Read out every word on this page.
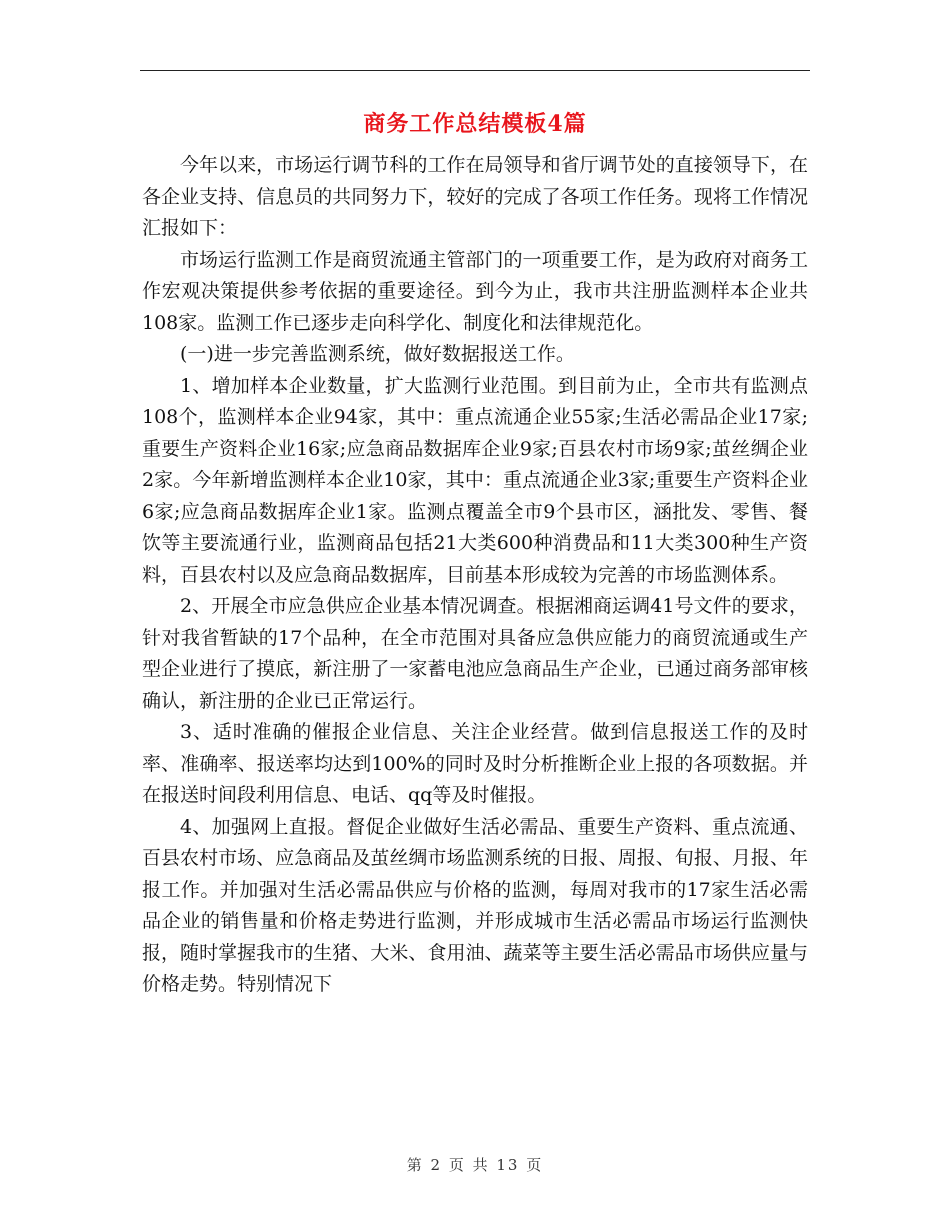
商务工作总结模板4篇

今年以来，市场运行调节科的工作在局领导和省厅调节处的直接领导下，在各企业支持、信息员的共同努力下，较好的完成了各项工作任务。现将工作情况汇报如下：

市场运行监测工作是商贸流通主管部门的一项重要工作，是为政府对商务工作宏观决策提供参考依据的重要途径。到今为止，我市共注册监测样本企业共108家。监测工作已逐步走向科学化、制度化和法律规范化。

(一)进一步完善监测系统，做好数据报送工作。

1、增加样本企业数量，扩大监测行业范围。到目前为止，全市共有监测点108个，监测样本企业94家，其中：重点流通企业55家;生活必需品企业17家;重要生产资料企业16家;应急商品数据库企业9家;百县农村市场9家;茧丝绸企业2家。今年新增监测样本企业10家，其中：重点流通企业3家;重要生产资料企业6家;应急商品数据库企业1家。监测点覆盖全市9个县市区，涵批发、零售、餐饮等主要流通行业，监测商品包括21大类600种消费品和11大类300种生产资料，百县农村以及应急商品数据库，目前基本形成较为完善的市场监测体系。

2、开展全市应急供应企业基本情况调查。根据湘商运调41号文件的要求，针对我省暂缺的17个品种，在全市范围对具备应急供应能力的商贸流通或生产型企业进行了摸底，新注册了一家蓄电池应急商品生产企业，已通过商务部审核确认，新注册的企业已正常运行。

3、适时准确的催报企业信息、关注企业经营。做到信息报送工作的及时率、准确率、报送率均达到100%的同时及时分析推断企业上报的各项数据。并在报送时间段利用信息、电话、qq等及时催报。

4、加强网上直报。督促企业做好生活必需品、重要生产资料、重点流通、百县农村市场、应急商品及茧丝绸市场监测系统的日报、周报、旬报、月报、年报工作。并加强对生活必需品供应与价格的监测，每周对我市的17家生活必需品企业的销售量和价格走势进行监测，并形成城市生活必需品市场运行监测快报，随时掌握我市的生猪、大米、食用油、蔬菜等主要生活必需品市场供应量与价格走势。特别情况下

第 2 页 共 13 页
